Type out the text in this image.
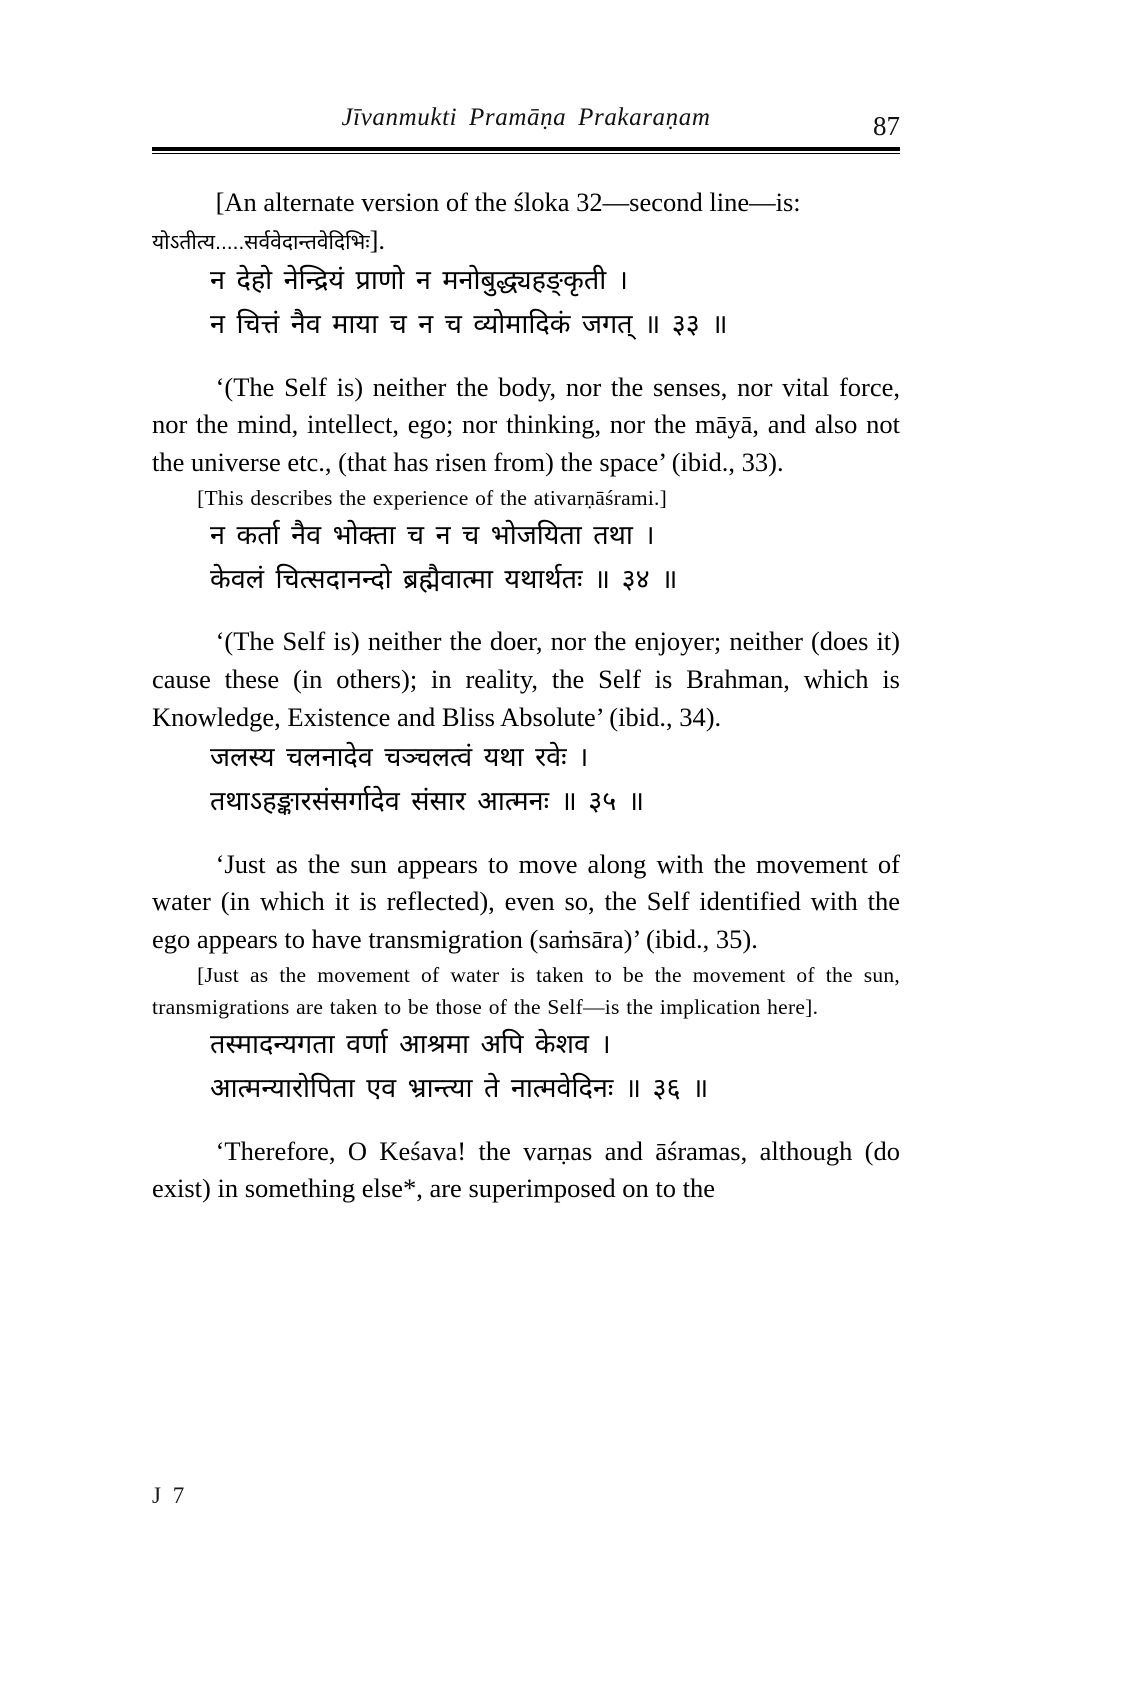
Jīvanmukti Pramāṇa Prakaraṇam	87

[An alternate version of the śloka 32—second line—is:
योऽतीत्य.....सर्ववेदान्तवेदिभिः].

न देहो नेन्द्रियं प्राणो न मनोबुद्ध्यहङ्कृती ।
न चित्तं नैव माया च न च व्योमादिकं जगत् ॥ ३३ ॥

‘(The Self is) neither the body, nor the senses, nor vital force, nor the mind, intellect, ego; nor thinking, nor the māyā, and also not the universe etc., (that has risen from) the space’ (ibid., 33).

[This describes the experience of the ativarṇāśrami.]

न कर्ता नैव भोक्ता च न च भोजयिता तथा ।
केवलं चित्सदानन्दो ब्रह्मैवात्मा यथार्थतः ॥ ३४ ॥

‘(The Self is) neither the doer, nor the enjoyer; neither (does it) cause these (in others); in reality, the Self is Brahman, which is Knowledge, Existence and Bliss Absolute’ (ibid., 34).

जलस्य चलनादेव चञ्चलत्वं यथा रवेः ।
तथाऽहङ्कारसंसर्गादेव संसार आत्मनः ॥ ३५ ॥

‘Just as the sun appears to move along with the movement of water (in which it is reflected), even so, the Self identified with the ego appears to have transmigration (saṁsāra)’ (ibid., 35).

[Just as the movement of water is taken to be the movement of the sun, transmigrations are taken to be those of the Self—is the implication here].

तस्मादन्यगता वर्णा आश्रमा अपि केशव ।
आत्मन्यारोपिता एव भ्रान्त्या ते नात्मवेदिनः ॥ ३६ ॥

‘Therefore, O Keśava! the varṇas and āśramas, although (do exist) in something else*, are superimposed on to the

J 7
